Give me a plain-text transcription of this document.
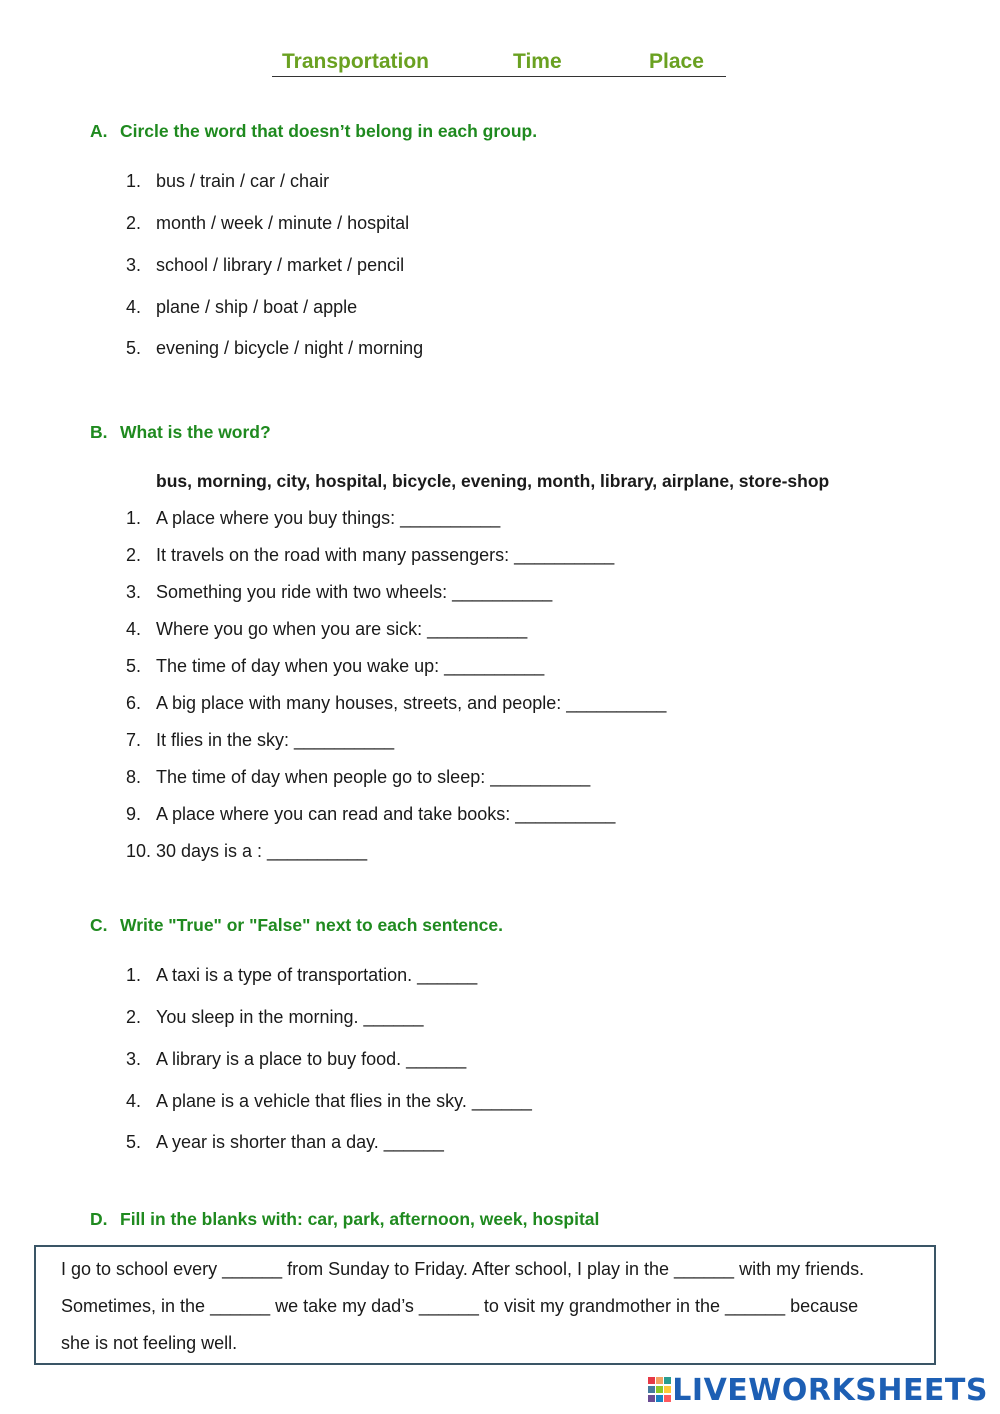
Transportation	Time	Place
A. Circle the word that doesn’t belong in each group.
1. bus / train / car / chair
2. month / week / minute / hospital
3. school / library / market / pencil
4. plane / ship / boat / apple
5. evening / bicycle / night / morning
B. What is the word?
bus, morning, city, hospital, bicycle, evening, month, library, airplane, store-shop
1. A place where you buy things: __________
2. It travels on the road with many passengers: __________
3. Something you ride with two wheels: __________
4. Where you go when you are sick: __________
5. The time of day when you wake up: __________
6. A big place with many houses, streets, and people: __________
7. It flies in the sky: __________
8. The time of day when people go to sleep: __________
9. A place where you can read and take books: __________
10. 30 days is a : __________
C. Write "True" or "False" next to each sentence.
1. A taxi is a type of transportation. ______
2. You sleep in the morning. ______
3. A library is a place to buy food. ______
4. A plane is a vehicle that flies in the sky. ______
5. A year is shorter than a day. ______
D. Fill in the blanks with: car, park, afternoon, week, hospital
I go to school every ______ from Sunday to Friday. After school, I play in the ______ with my friends.
Sometimes, in the ______ we take my dad’s ______ to visit my grandmother in the ______ because
she is not feeling well.
LIVEWORKSHEETS
